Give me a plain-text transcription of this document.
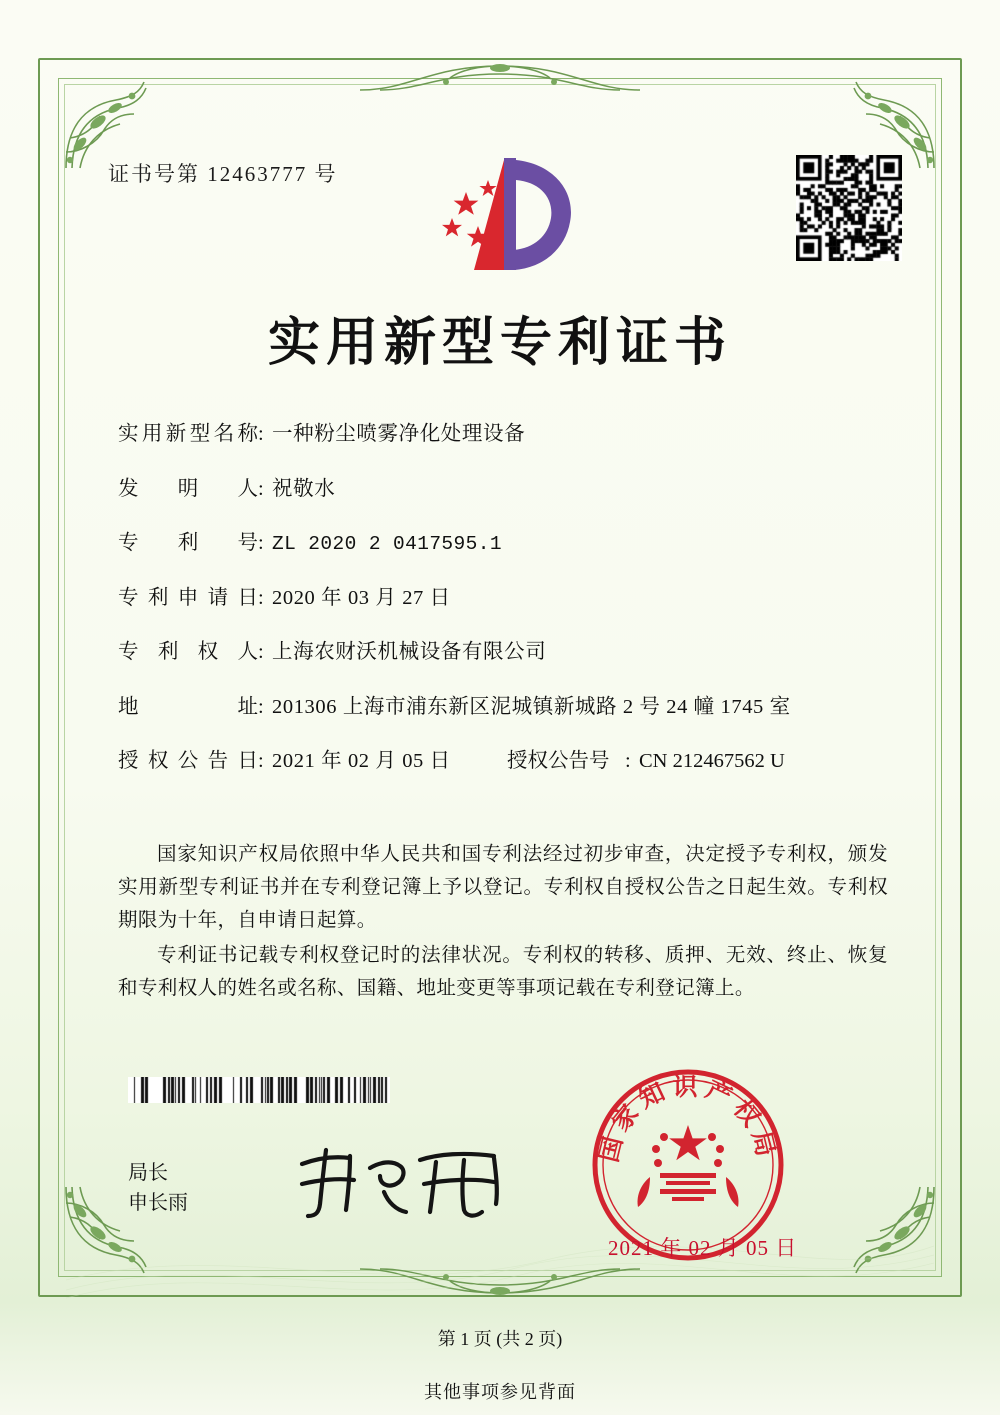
证书号第 12463777 号
实用新型专利证书
实用新型名称 : 一种粉尘喷雾净化处理设备
发明人 : 祝敬水
专利号 : ZL 2020 2 0417595.1
专利申请日 : 2020 年 03 月 27 日
专利权人 : 上海农财沃机械设备有限公司
地址 : 201306 上海市浦东新区泥城镇新城路 2 号 24 幢 1745 室
授权公告日 : 2021 年 02 月 05 日	授权公告号 : CN 212467562 U

国家知识产权局依照中华人民共和国专利法经过初步审查，决定授予专利权，颁发实用新型专利证书并在专利登记簿上予以登记。专利权自授权公告之日起生效。专利权期限为十年，自申请日起算。

专利证书记载专利权登记时的法律状况。专利权的转移、质押、无效、终止、恢复和专利权人的姓名或名称、国籍、地址变更等事项记载在专利登记簿上。

局长
申长雨
国家知识产权局
2021 年 02 月 05 日
第 1 页 (共 2 页)
其他事项参见背面
